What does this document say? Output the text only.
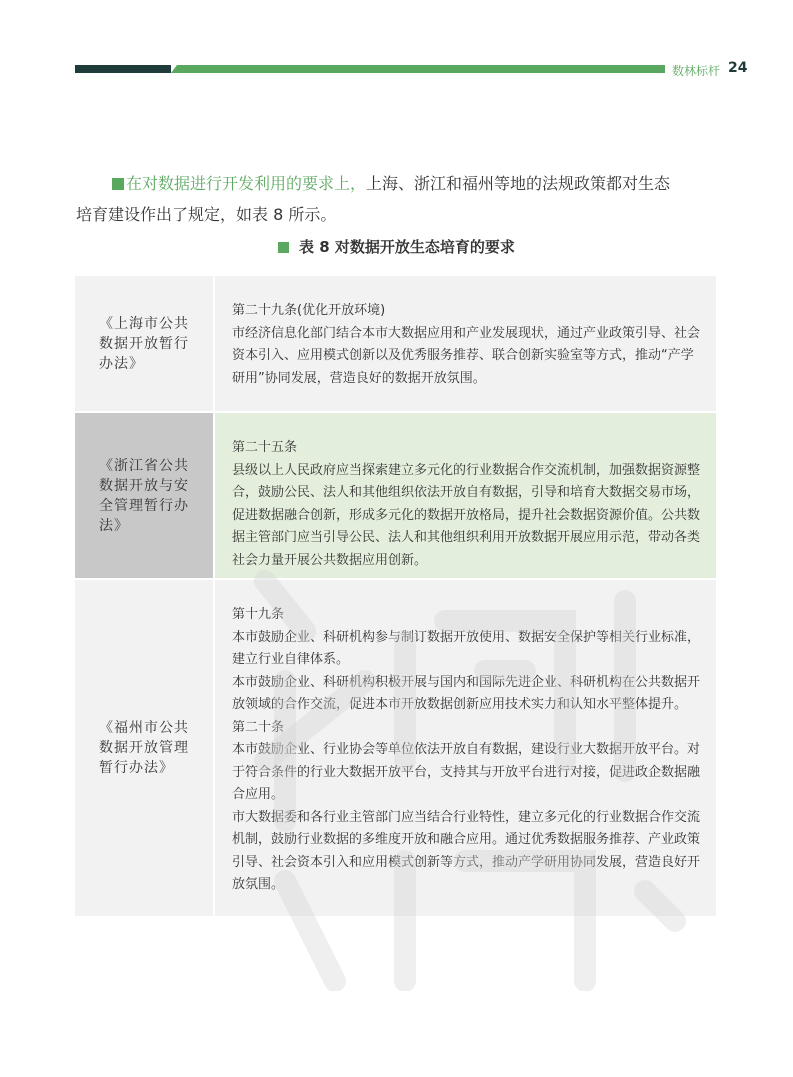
数林标杆 24
在对数据进行开发利用的要求上，上海、浙江和福州等地的法规政策都对生态
培育建设作出了规定，如表 8 所示。
表 8 对数据开放生态培育的要求
《上海市公共数据开放暂行办法》

第二十九条(优化开放环境)

市经济信息化部门结合本市大数据应用和产业发展现状，通过产业政策引导、社会资本引入、应用模式创新以及优秀服务推荐、联合创新实验室等方式，推动“产学研用”协同发展，营造良好的数据开放氛围。

《浙江省公共数据开放与安全管理暂行办法》

第二十五条

县级以上人民政府应当探索建立多元化的行业数据合作交流机制，加强数据资源整合，鼓励公民、法人和其他组织依法开放自有数据，引导和培育大数据交易市场，促进数据融合创新，形成多元化的数据开放格局，提升社会数据资源价值。公共数据主管部门应当引导公民、法人和其他组织利用开放数据开展应用示范，带动各类社会力量开展公共数据应用创新。

《福州市公共数据开放管理暂行办法》

第十九条

本市鼓励企业、科研机构参与制订数据开放使用、数据安全保护等相关行业标准，建立行业自律体系。

本市鼓励企业、科研机构积极开展与国内和国际先进企业、科研机构在公共数据开放领域的合作交流，促进本市开放数据创新应用技术实力和认知水平整体提升。

第二十条

本市鼓励企业、行业协会等单位依法开放自有数据，建设行业大数据开放平台。对于符合条件的行业大数据开放平台，支持其与开放平台进行对接，促进政企数据融合应用。

市大数据委和各行业主管部门应当结合行业特性，建立多元化的行业数据合作交流机制，鼓励行业数据的多维度开放和融合应用。通过优秀数据服务推荐、产业政策引导、社会资本引入和应用模式创新等方式，推动产学研用协同发展，营造良好开放氛围。
